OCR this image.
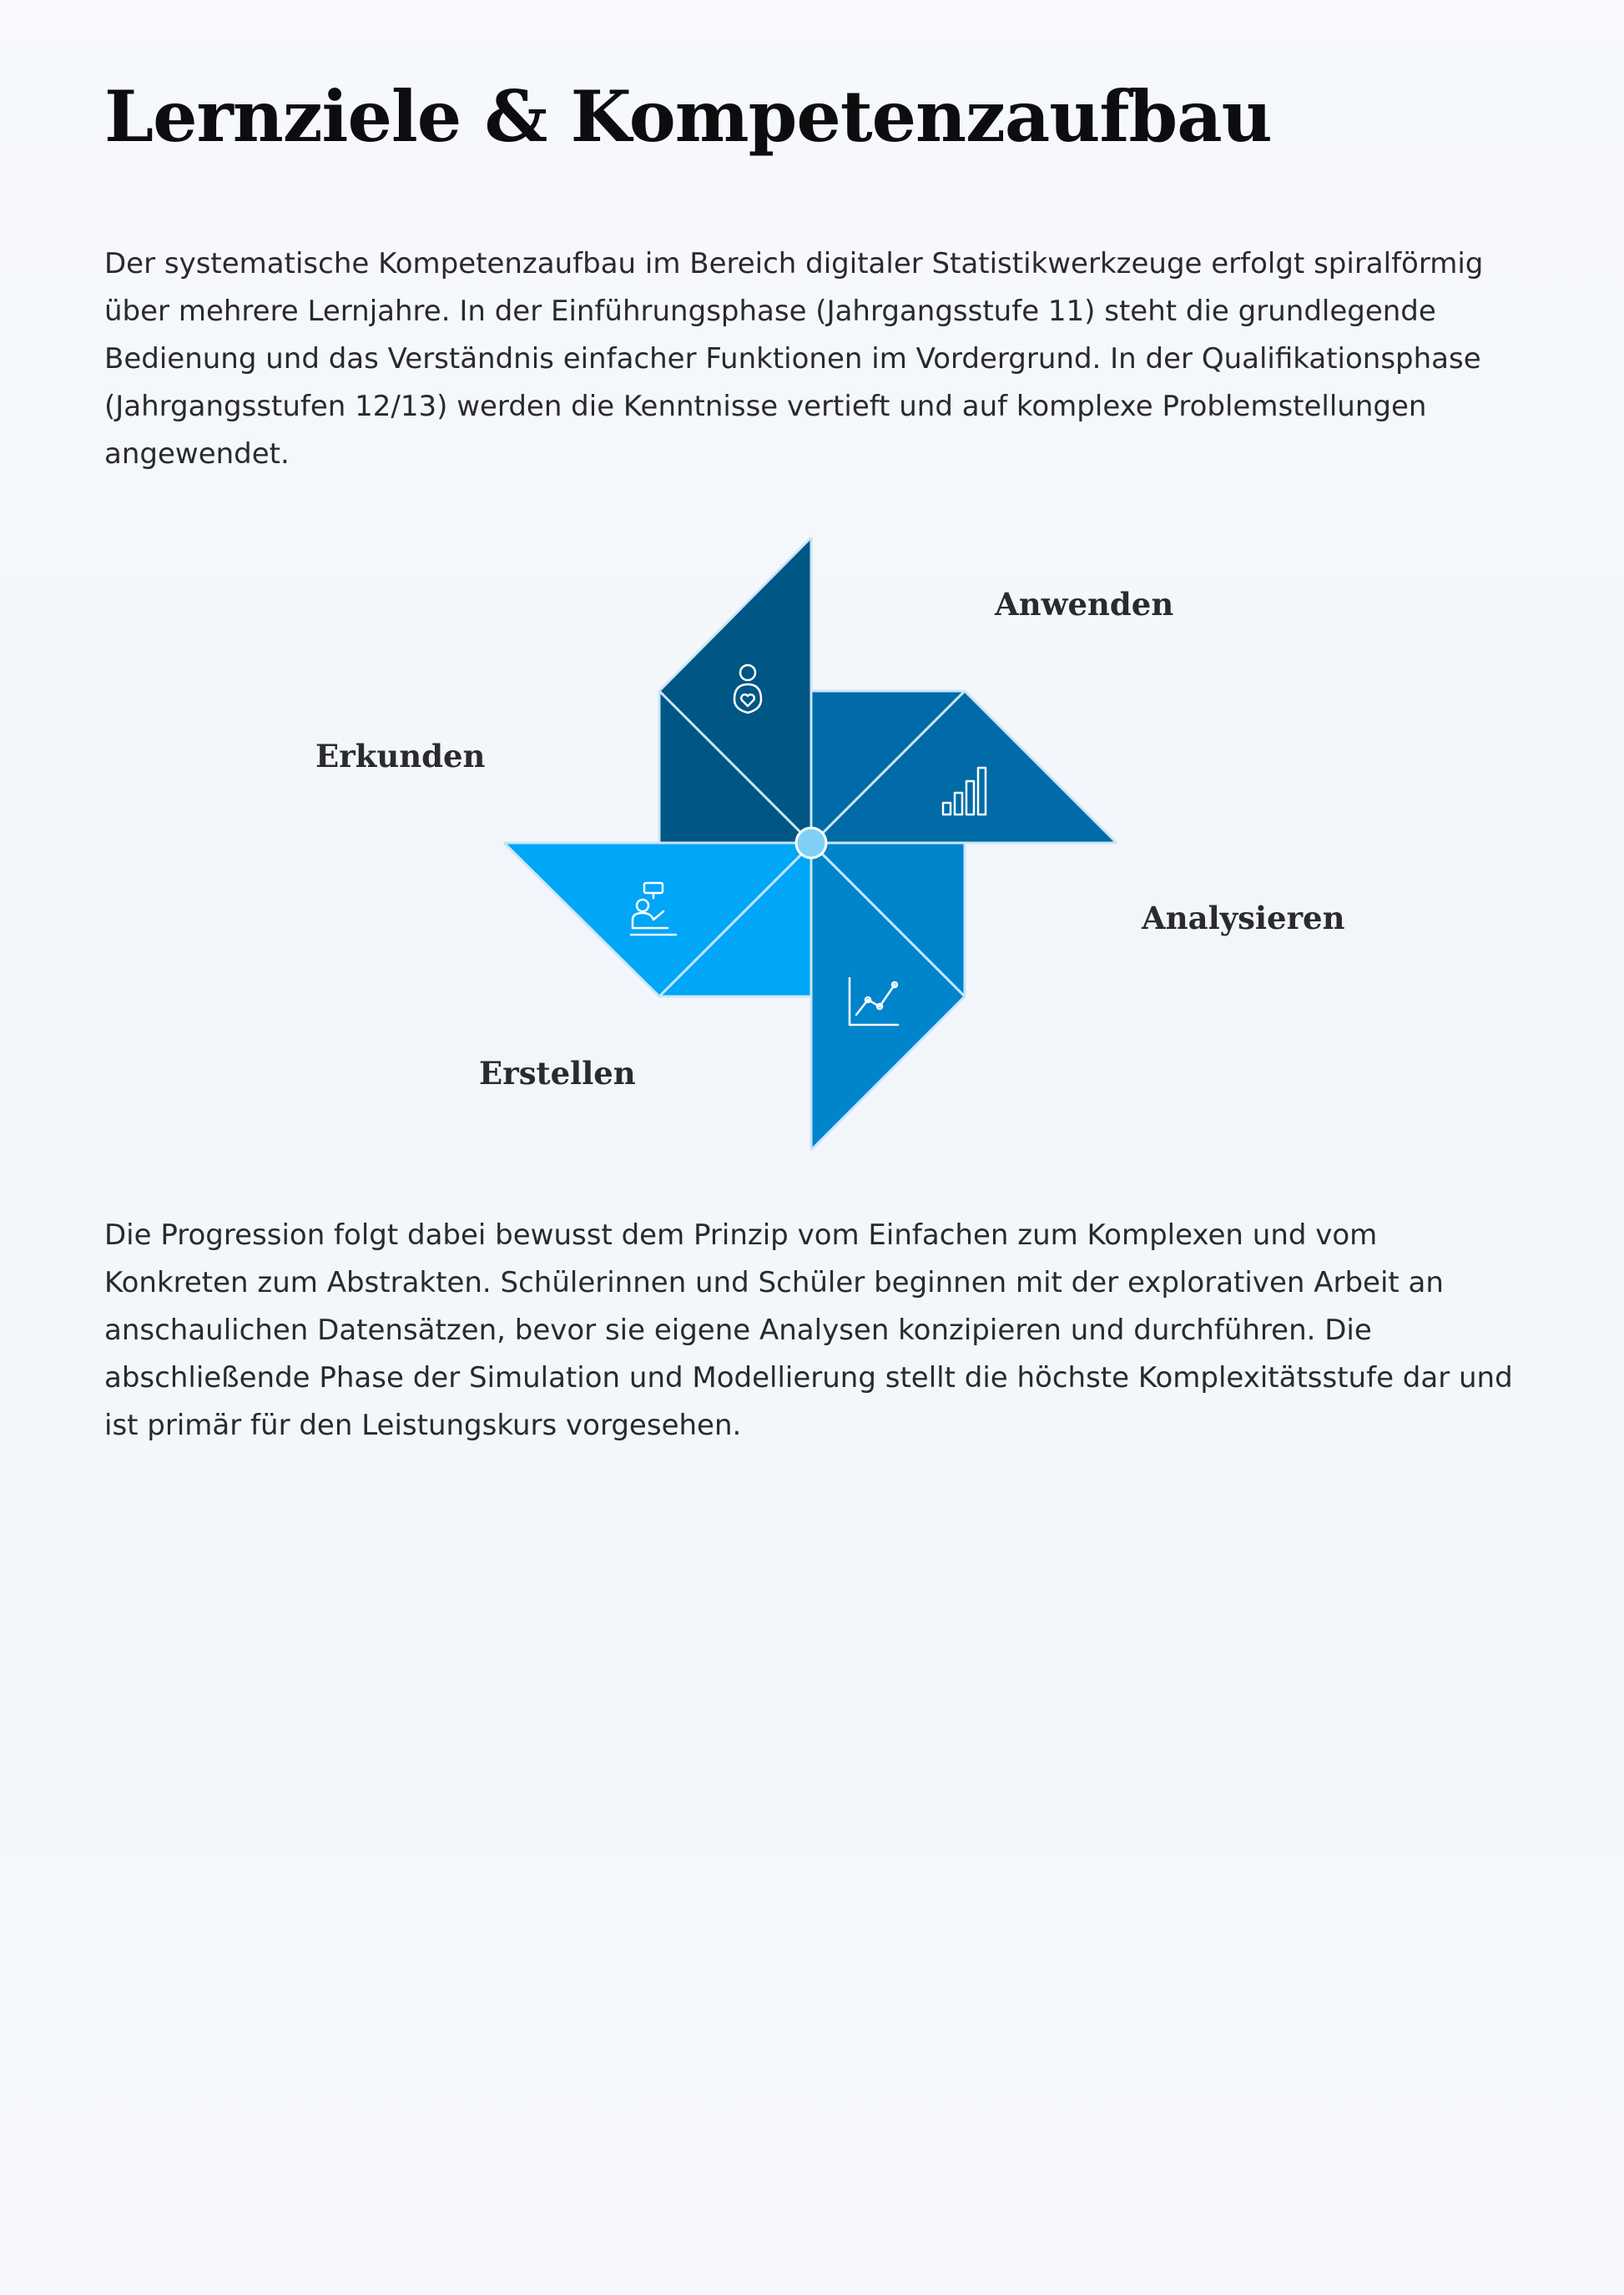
Lernziele & Kompetenzaufbau

Der systematische Kompetenzaufbau im Bereich digitaler Statistikwerkzeuge erfolgt spiralförmig über mehrere Lernjahre. In der Einführungsphase (Jahrgangsstufe 11) steht die grundlegende Bedienung und das Verständnis einfacher Funktionen im Vordergrund. In der Qualifikationsphase (Jahrgangsstufen 12/13) werden die Kenntnisse vertieft und auf komplexe Problemstellungen angewendet.

Anwenden
Erkunden
Analysieren
Erstellen

Die Progression folgt dabei bewusst dem Prinzip vom Einfachen zum Komplexen und vom Konkreten zum Abstrakten. Schülerinnen und Schüler beginnen mit der explorativen Arbeit an anschaulichen Datensätzen, bevor sie eigene Analysen konzipieren und durchführen. Die abschließende Phase der Simulation und Modellierung stellt die höchste Komplexitätsstufe dar und ist primär für den Leistungskurs vorgesehen.
